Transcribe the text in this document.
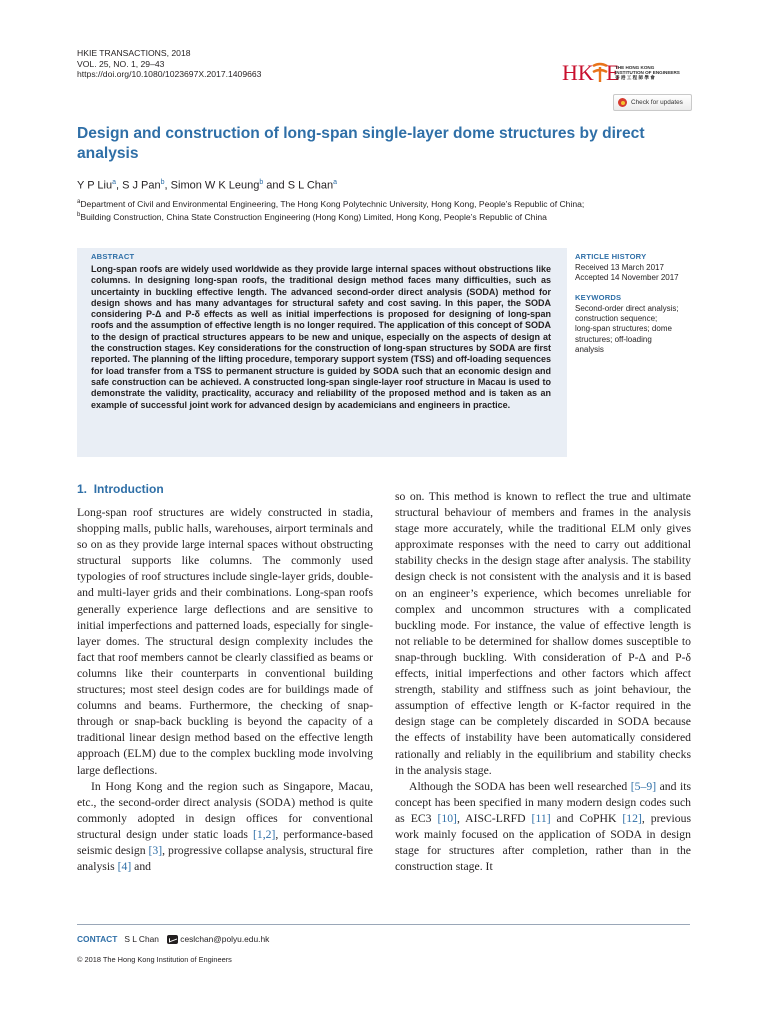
HKIE TRANSACTIONS, 2018
VOL. 25, NO. 1, 29–43
https://doi.org/10.1080/1023697X.2017.1409663	HK E
THE HONG KONG
INSTITUTION OF ENGINEERS
香 港 工 程 師 學 會
Check for updates
Design and construction of long-span single-layer dome structures by direct analysis
Y P Liu$^a$, S J Pan$^b$, Simon W K Leung$^b$ and S L Chan$^a$
$^a$Department of Civil and Environmental Engineering, The Hong Kong Polytechnic University, Hong Kong, People’s Republic of China;
$^b$Building Construction, China State Construction Engineering (Hong Kong) Limited, Hong Kong, People’s Republic of China
ABSTRACT
Long-span roofs are widely used worldwide as they provide large internal spaces without obstructions like columns. In designing long-span roofs, the traditional design method faces many difficulties, such as uncertainty in buckling effective length. The advanced second-order direct analysis (SODA) method for design shows and has many advantages for structural safety and cost saving. In this paper, the SODA considering P-Δ and P-δ effects as well as initial imperfections is proposed for designing of long-span roofs and the assumption of effective length is no longer required. The application of this concept of SODA to the design of practical structures appears to be new and unique, especially on the aspects of design at the construction stages. Key considerations for the construction of long-span structures by SODA are first reported. The planning of the lifting procedure, temporary support system (TSS) and off-loading sequences for load transfer from a TSS to permanent structure is guided by SODA such that an economic design and safe construction can be achieved. A constructed long-span single-layer roof structure in Macau is used to demonstrate the validity, practicality, accuracy and reliability of the proposed method and is taken as an example of successful joint work for advanced design by academicians and engineers in practice.
ARTICLE HISTORY
Received 13 March 2017
Accepted 14 November 2017
KEYWORDS
Second-order direct analysis;
construction sequence;
long-span structures; dome
structures; off-loading
analysis
1. Introduction

Long-span roof structures are widely constructed in stadia, shopping malls, public halls, warehouses, airport terminals and so on as they provide large internal spaces without obstructing structural supports like columns. The commonly used typologies of roof structures include single-layer grids, double- and multi-layer grids and their combinations. Long-span roofs generally experience large deflections and are sensitive to initial imperfections and patterned loads, especially for single-layer domes. The structural design complexity includes the fact that roof members cannot be clearly classified as beams or columns like their counterparts in conventional building structures; most steel design codes are for buildings made of columns and beams. Furthermore, the checking of snap-through or snap-back buckling is beyond the capacity of a traditional linear design method based on the effective length approach (ELM) due to the complex buckling mode involving large deflections.

In Hong Kong and the region such as Singapore, Macau, etc., the second-order direct analysis (SODA) method is quite commonly adopted in design offices for conventional structural design under static loads [1,2], performance-based seismic design [3], progressive collapse analysis, structural fire analysis [4] and

so on. This method is known to reflect the true and ultimate structural behaviour of members and frames in the analysis stage more accurately, while the traditional ELM only gives approximate responses with the need to carry out additional stability checks in the design stage after analysis. The stability design check is not consistent with the analysis and it is based on an engineer’s experience, which becomes unreliable for complex and uncommon structures with a complicated buckling mode. For instance, the value of effective length is not reliable to be determined for shallow domes susceptible to snap-through buckling. With consideration of P-Δ and P-δ effects, initial imperfections and other factors which affect strength, stability and stiffness such as joint behaviour, the assumption of effective length or K-factor required in the design stage can be completely discarded in SODA because the effects of instability have been automatically considered rationally and reliably in the equilibrium and stability checks in the analysis stage.

Although the SODA has been well researched [5–9] and its concept has been specified in many modern design codes such as EC3 [10], AISC-LRFD [11] and CoPHK [12], previous work mainly focused on the application of SODA in design stage for structures after completion, rather than in the construction stage. It

CONTACT S L Chan	ceslchan@polyu.edu.hk
© 2018 The Hong Kong Institution of Engineers
